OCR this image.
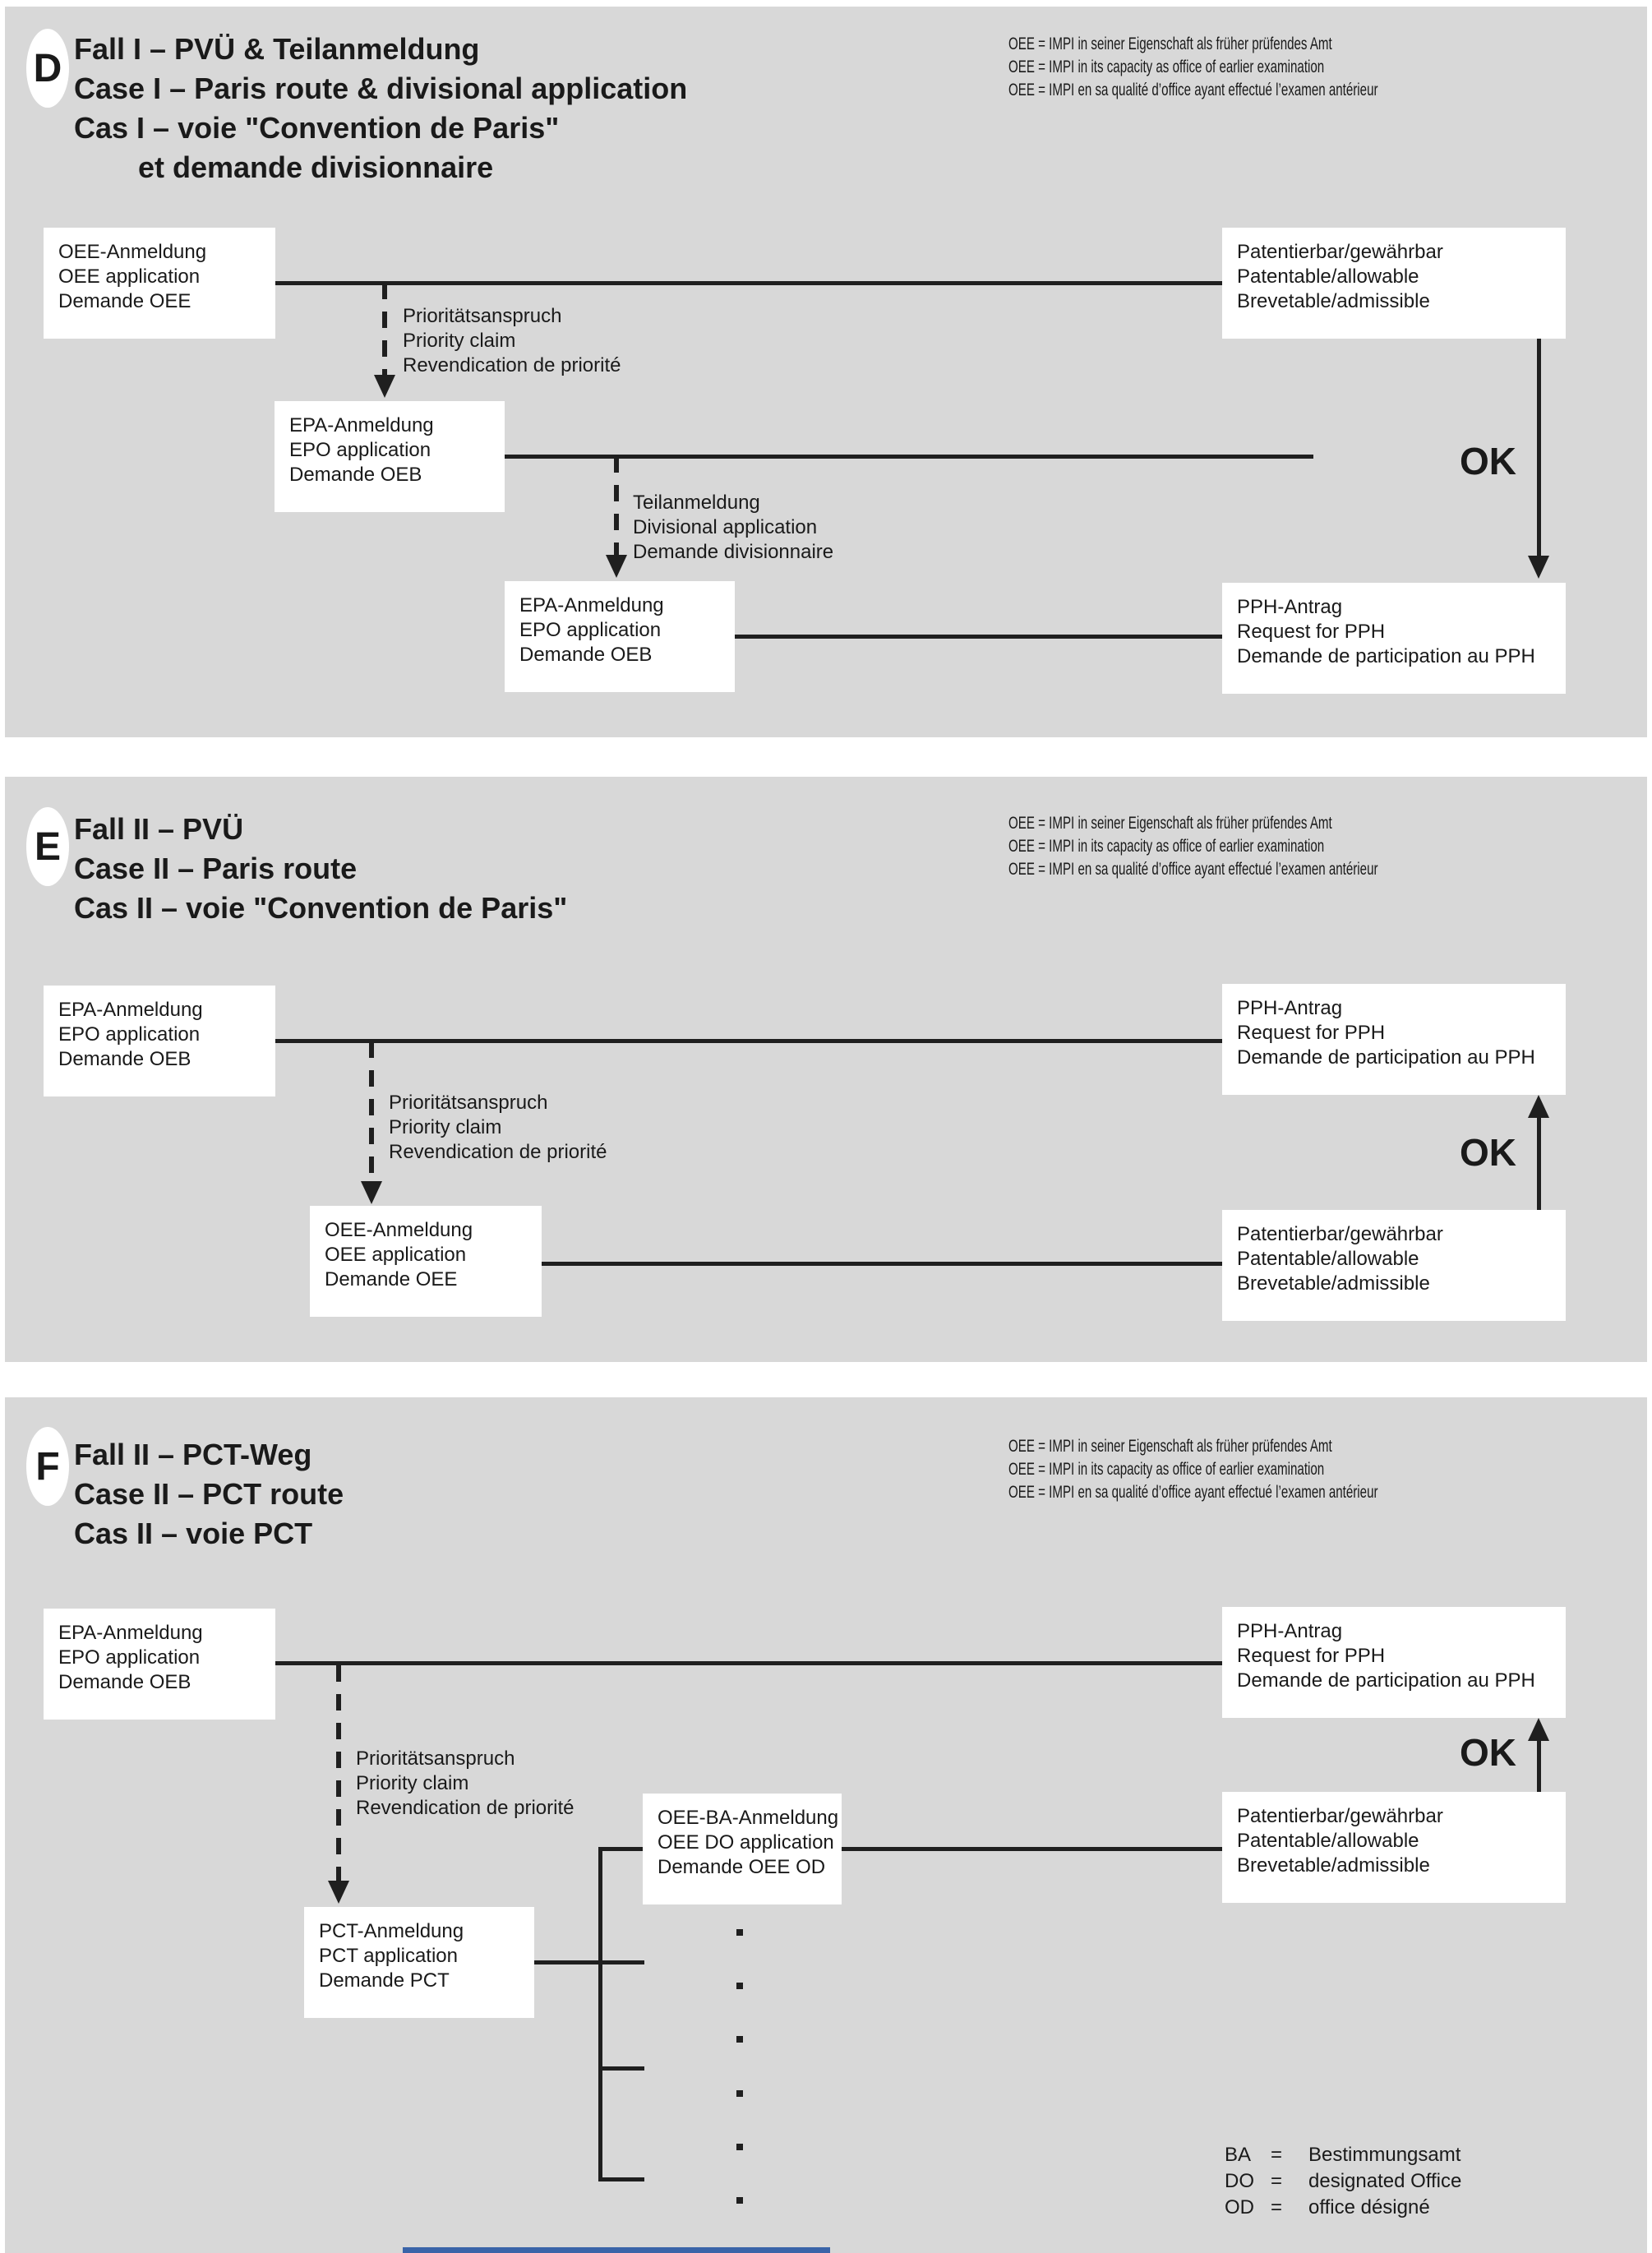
D Fall I – PVÜ & Teilanmeldung
Case I – Paris route & divisional application
Cas I – voie "Convention de Paris"
et demande divisionnaire
OEE = IMPI in seiner Eigenschaft als früher prüfendes Amt
OEE = IMPI in its capacity as office of earlier examination
OEE = IMPI en sa qualité d’office ayant effectué l’examen antérieur
OEE-Anmeldung
OEE application
Demande OEE
EPA-Anmeldung
EPO application
Demande OEB
EPA-Anmeldung
EPO application
Demande OEB
Patentierbar/gewährbar
Patentable/allowable
Brevetable/admissible
PPH-Antrag
Request for PPH
Demande de participation au PPH
Prioritätsanspruch
Priority claim
Revendication de priorité
Teilanmeldung
Divisional application
Demande divisionnaire
OK
E Fall II – PVÜ
Case II – Paris route
Cas II – voie "Convention de Paris"
OEE = IMPI in seiner Eigenschaft als früher prüfendes Amt
OEE = IMPI in its capacity as office of earlier examination
OEE = IMPI en sa qualité d’office ayant effectué l’examen antérieur
EPA-Anmeldung
EPO application
Demande OEB
OEE-Anmeldung
OEE application
Demande OEE
PPH-Antrag
Request for PPH
Demande de participation au PPH
Patentierbar/gewährbar
Patentable/allowable
Brevetable/admissible
Prioritätsanspruch
Priority claim
Revendication de priorité	OK
F Fall II – PCT-Weg
Case II – PCT route
Cas II – voie PCT
OEE = IMPI in seiner Eigenschaft als früher prüfendes Amt
OEE = IMPI in its capacity as office of earlier examination
OEE = IMPI en sa qualité d’office ayant effectué l’examen antérieur
EPA-Anmeldung
EPO application
Demande OEB
PCT-Anmeldung
PCT application
Demande PCT
OEE-BA-Anmeldung
OEE DO application
Demande OEE OD
PPH-Antrag
Request for PPH
Demande de participation au PPH
Patentierbar/gewährbar
Patentable/allowable
Brevetable/admissible
Prioritätsanspruch
Priority claim
Revendication de priorité
OK
BA =	Bestimmungsamt
DO =	designated Office
OD =	office désigné
